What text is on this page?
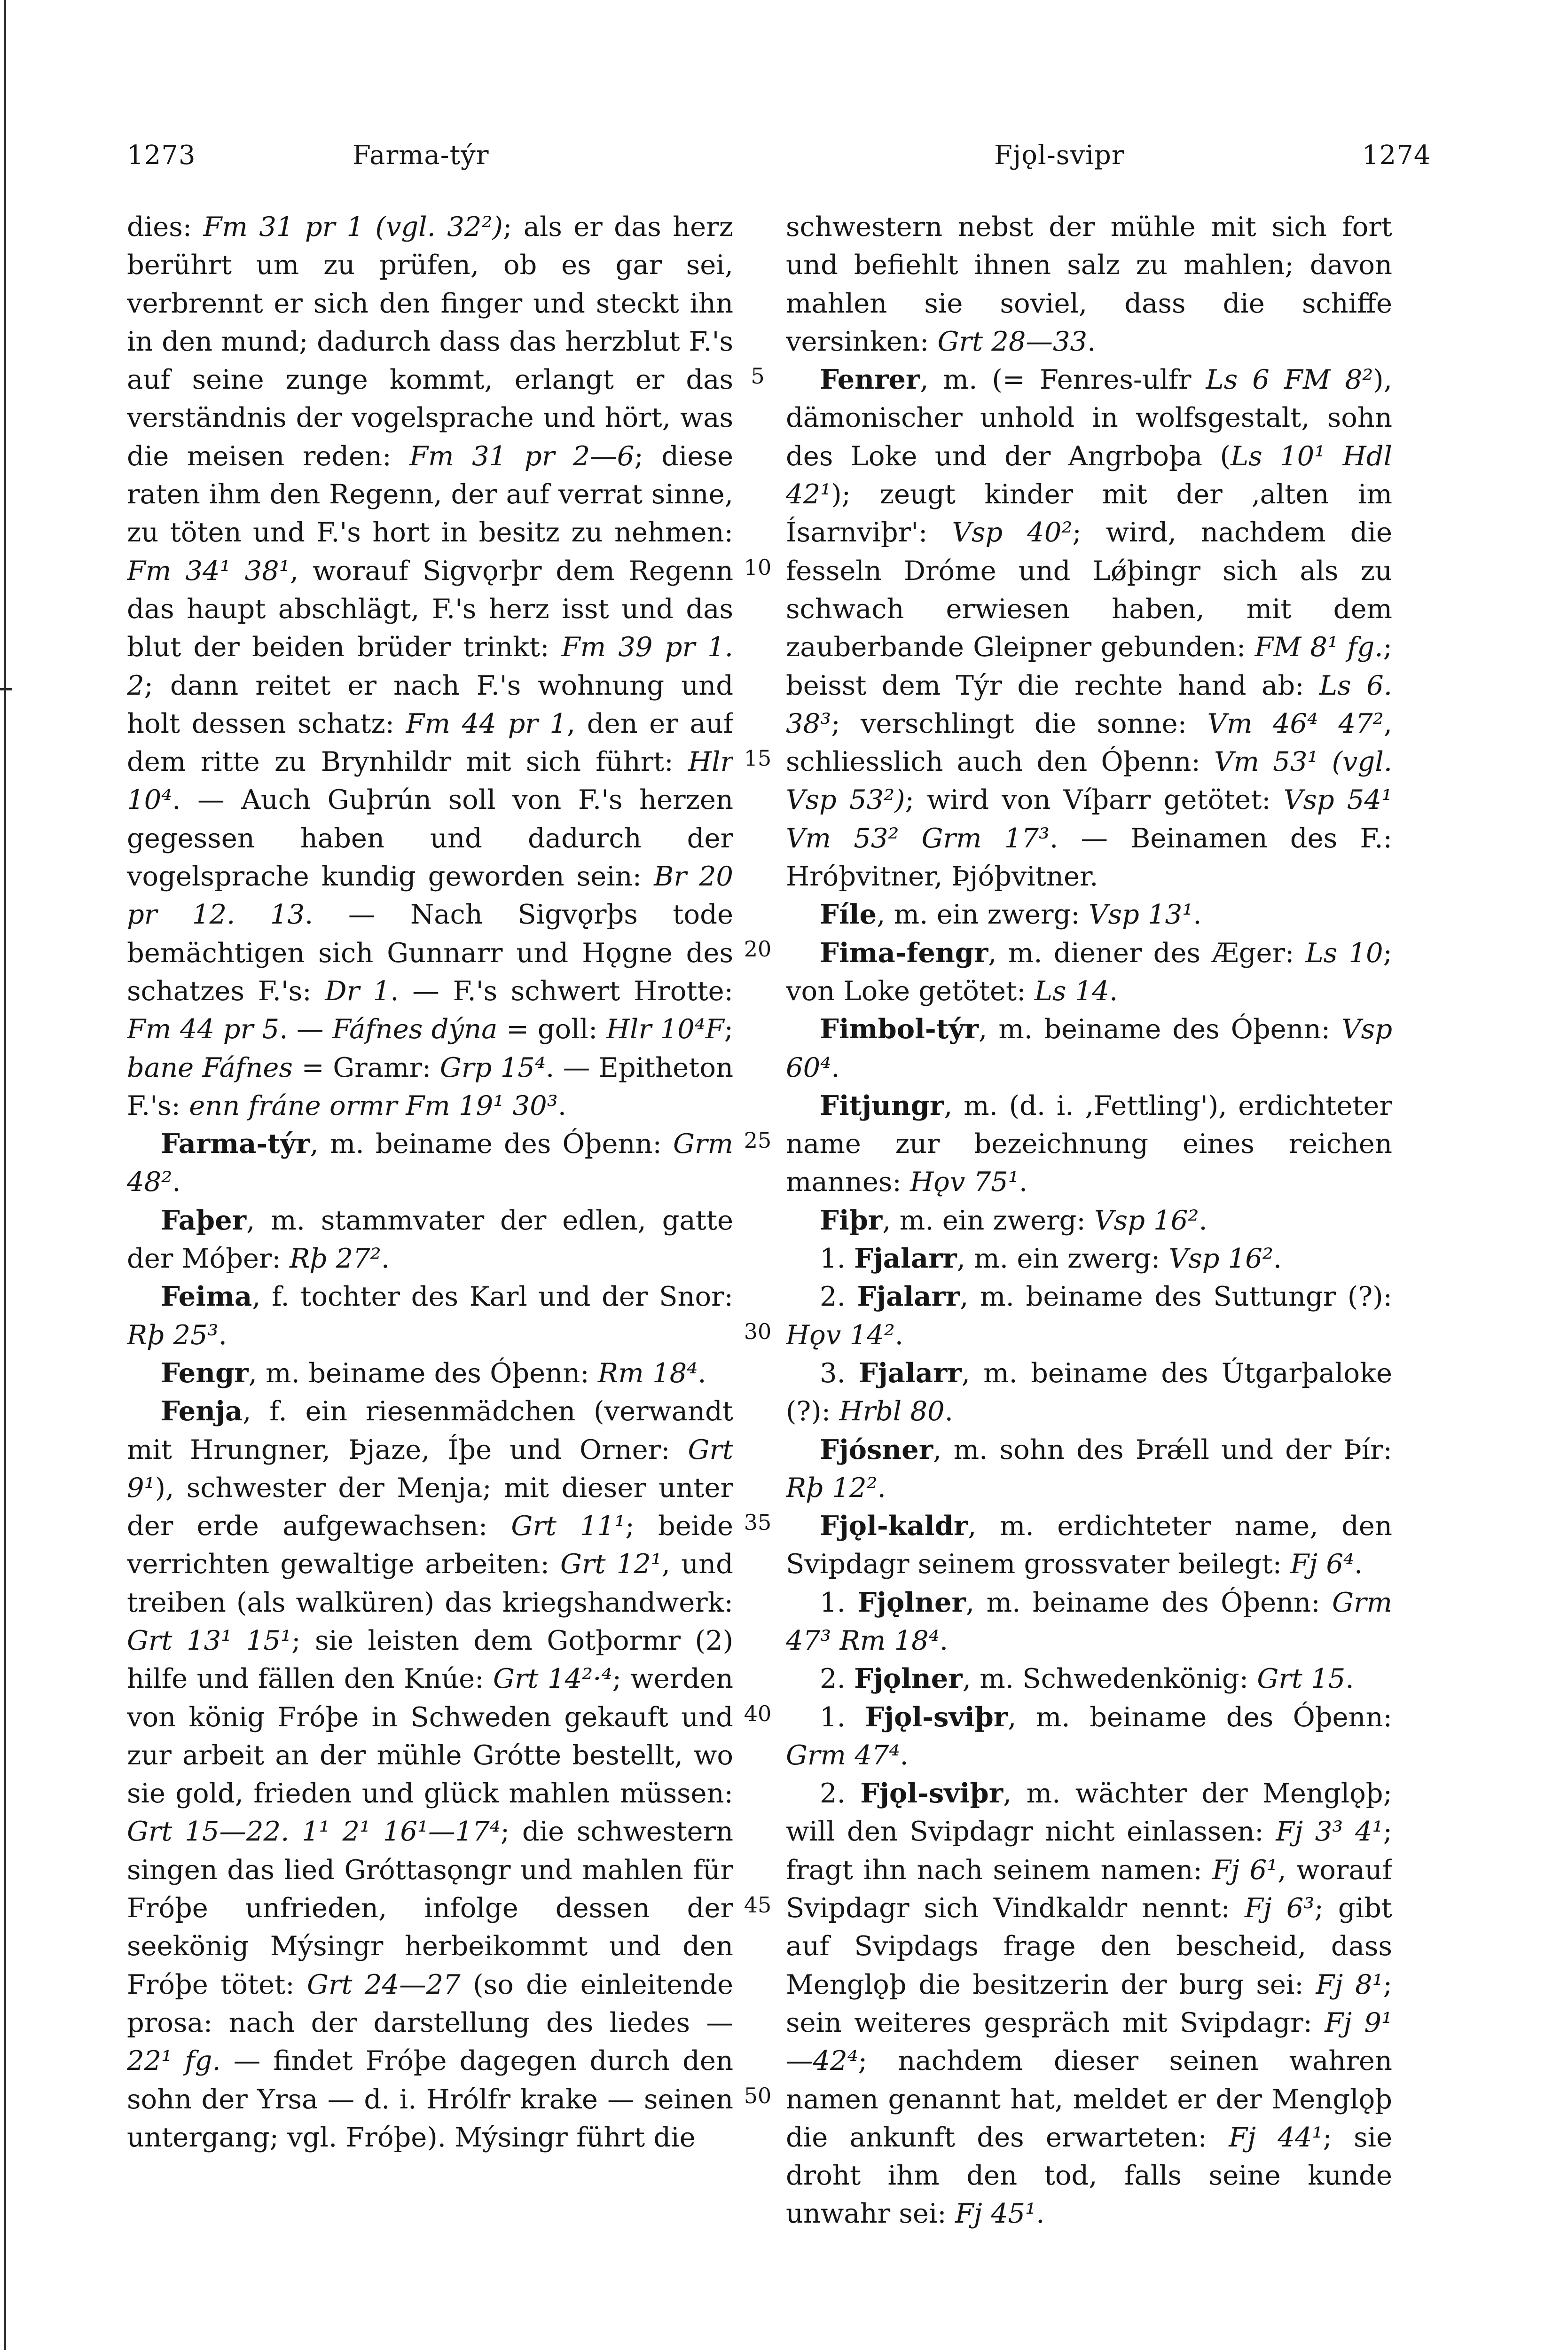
1273	Farma-týr	Fjǫl-svipr	1274

dies: Fm 31 pr 1 (vgl. 32²); als er das herz berührt um zu prüfen, ob es gar sei, verbrennt er sich den finger und steckt ihn in den mund; dadurch dass das herzblut F.'s auf seine zunge kommt, erlangt er das verständnis der vogelsprache und hört, was die meisen reden: Fm 31 pr 2—6; diese raten ihm den Regenn, der auf verrat sinne, zu töten und F.'s hort in besitz zu nehmen: Fm 34¹ 38¹, worauf Sigvǫrþr dem Regenn das haupt abschlägt, F.'s herz isst und das blut der beiden brüder trinkt: Fm 39 pr 1. 2; dann reitet er nach F.'s wohnung und holt dessen schatz: Fm 44 pr 1, den er auf dem ritte zu Brynhildr mit sich führt: Hlr 10⁴. — Auch Guþrún soll von F.'s herzen gegessen haben und dadurch der vogelsprache kundig geworden sein: Br 20 pr 12. 13. — Nach Sigvǫrþs tode bemächtigen sich Gunnarr und Hǫgne des schatzes F.'s: Dr 1. — F.'s schwert Hrotte: Fm 44 pr 5. — Fáfnes dýna = goll: Hlr 10⁴F; bane Fáfnes = Gramr: Grp 15⁴. — Epitheton F.'s: enn fráne ormr Fm 19¹ 30³.

Farma-týr, m. beiname des Óþenn: Grm 48².

Faþer, m. stammvater der edlen, gatte der Móþer: Rþ 27².

Feima, f. tochter des Karl und der Snor: Rþ 25³.

Fengr, m. beiname des Óþenn: Rm 18⁴.

Fenja, f. ein riesenmädchen (verwandt mit Hrungner, Þjaze, Íþe und Orner: Grt 9¹), schwester der Menja; mit dieser unter der erde aufgewachsen: Grt 11¹; beide verrichten gewaltige arbeiten: Grt 12¹, und treiben (als walküren) das kriegshandwerk: Grt 13¹ 15¹; sie leisten dem Gotþormr (2) hilfe und fällen den Knúe: Grt 14²·⁴; werden von könig Fróþe in Schweden gekauft und zur arbeit an der mühle Grótte bestellt, wo sie gold, frieden und glück mahlen müssen: Grt 15—22. 1¹ 2¹ 16¹—17⁴; die schwestern singen das lied Gróttasǫngr und mahlen für Fróþe unfrieden, infolge dessen der seekönig Mýsingr herbeikommt und den Fróþe tötet: Grt 24—27 (so die einleitende prosa: nach der darstellung des liedes — 22¹ fg. — findet Fróþe dagegen durch den sohn der Yrsa — d. i. Hrólfr krake — seinen untergang; vgl. Fróþe). Mýsingr führt die

schwestern nebst der mühle mit sich fort und befiehlt ihnen salz zu mahlen; davon mahlen sie soviel, dass die schiffe versinken: Grt 28—33.

Fenrer, m. (= Fenres-ulfr Ls 6 FM 8²), dämonischer unhold in wolfsgestalt, sohn des Loke und der Angrboþa (Ls 10¹ Hdl 42¹); zeugt kinder mit der ‚alten im Ísarnviþr': Vsp 40²; wird, nachdem die fesseln Dróme und Lǿþingr sich als zu schwach erwiesen haben, mit dem zauberbande Gleipner gebunden: FM 8¹ fg.; beisst dem Týr die rechte hand ab: Ls 6. 38³; verschlingt die sonne: Vm 46⁴ 47², schliesslich auch den Óþenn: Vm 53¹ (vgl. Vsp 53²); wird von Víþarr getötet: Vsp 54¹ Vm 53² Grm 17³. — Beinamen des F.: Hróþvitner, Þjóþvitner.

Fíle, m. ein zwerg: Vsp 13¹.

Fima-fengr, m. diener des Æger: Ls 10; von Loke getötet: Ls 14.

Fimbol-týr, m. beiname des Óþenn: Vsp 60⁴.

Fitjungr, m. (d. i. ‚Fettling'), erdichteter name zur bezeichnung eines reichen mannes: Hǫv 75¹.

Fiþr, m. ein zwerg: Vsp 16².

1. Fjalarr, m. ein zwerg: Vsp 16².

2. Fjalarr, m. beiname des Suttungr (?): Hǫv 14².

3. Fjalarr, m. beiname des Útgarþaloke (?): Hrbl 80.

Fjósner, m. sohn des Þrǽll und der Þír: Rþ 12².

Fjǫl-kaldr, m. erdichteter name, den Svipdagr seinem grossvater beilegt: Fj 6⁴.

1. Fjǫlner, m. beiname des Óþenn: Grm 47³ Rm 18⁴.

2. Fjǫlner, m. Schwedenkönig: Grt 15.

1. Fjǫl-sviþr, m. beiname des Óþenn: Grm 47⁴.

2. Fjǫl-sviþr, m. wächter der Menglǫþ; will den Svipdagr nicht einlassen: Fj 3³ 4¹; fragt ihn nach seinem namen: Fj 6¹, worauf Svipdagr sich Vindkaldr nennt: Fj 6³; gibt auf Svipdags frage den bescheid, dass Menglǫþ die besitzerin der burg sei: Fj 8¹; sein weiteres gespräch mit Svipdagr: Fj 9¹—42⁴; nachdem dieser seinen wahren namen genannt hat, meldet er der Menglǫþ die ankunft des erwarteten: Fj 44¹; sie droht ihm den tod, falls seine kunde unwahr sei: Fj 45¹.

5
10
15
20
25
30
35
40
45
50
